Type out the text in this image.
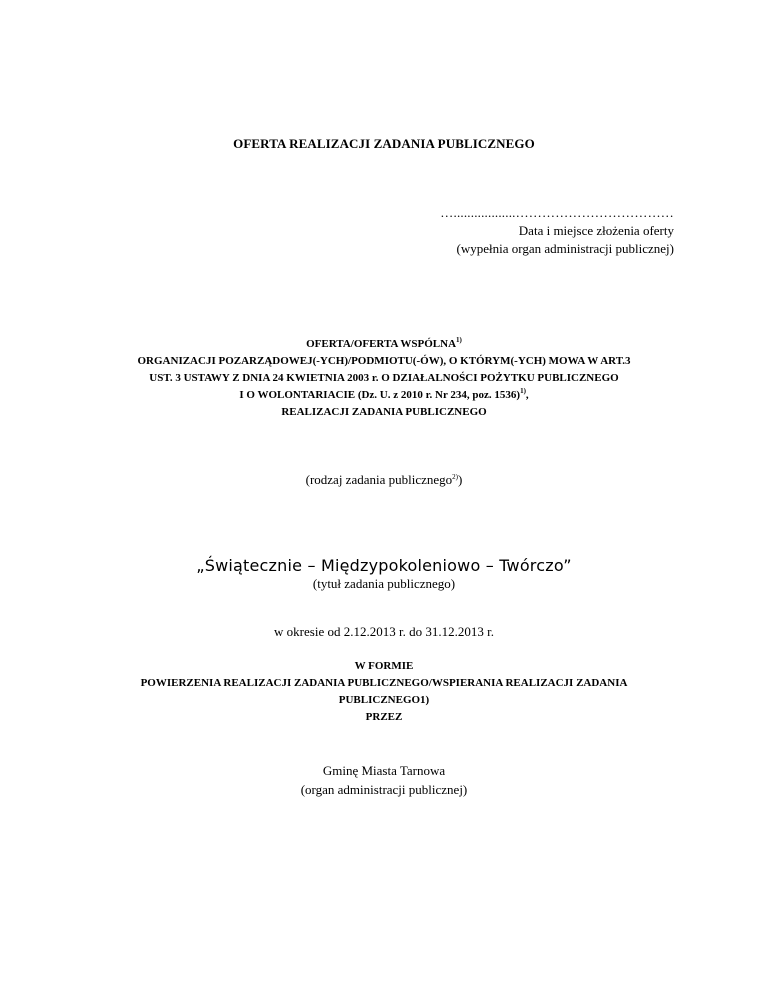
OFERTA REALIZACJI ZADANIA PUBLICZNEGO
…..................………………………………
Data i miejsce złożenia oferty
(wypełnia organ administracji publicznej)
OFERTA/OFERTA WSPÓLNA$^{1)}$
ORGANIZACJI POZARZĄDOWEJ(-YCH)/PODMIOTU(-ÓW), O KTÓRYM(-YCH) MOWA W ART.3
UST. 3 USTAWY Z DNIA 24 KWIETNIA 2003 r. O DZIAŁALNOŚCI POŻYTKU PUBLICZNEGO
I O WOLONTARIACIE (Dz. U. z 2010 r. Nr 234, poz. 1536)$^{1)}$,
REALIZACJI ZADANIA PUBLICZNEGO
(rodzaj zadania publicznego$^{2)}$)
„Świątecznie – Międzypokoleniowo – Twórczo”
(tytuł zadania publicznego)
w okresie od 2.12.2013 r. do 31.12.2013 r.
W FORMIE
POWIERZENIA REALIZACJI ZADANIA PUBLICZNEGO/WSPIERANIA REALIZACJI ZADANIA
PUBLICZNEGO1)
PRZEZ
Gminę Miasta Tarnowa
(organ administracji publicznej)
